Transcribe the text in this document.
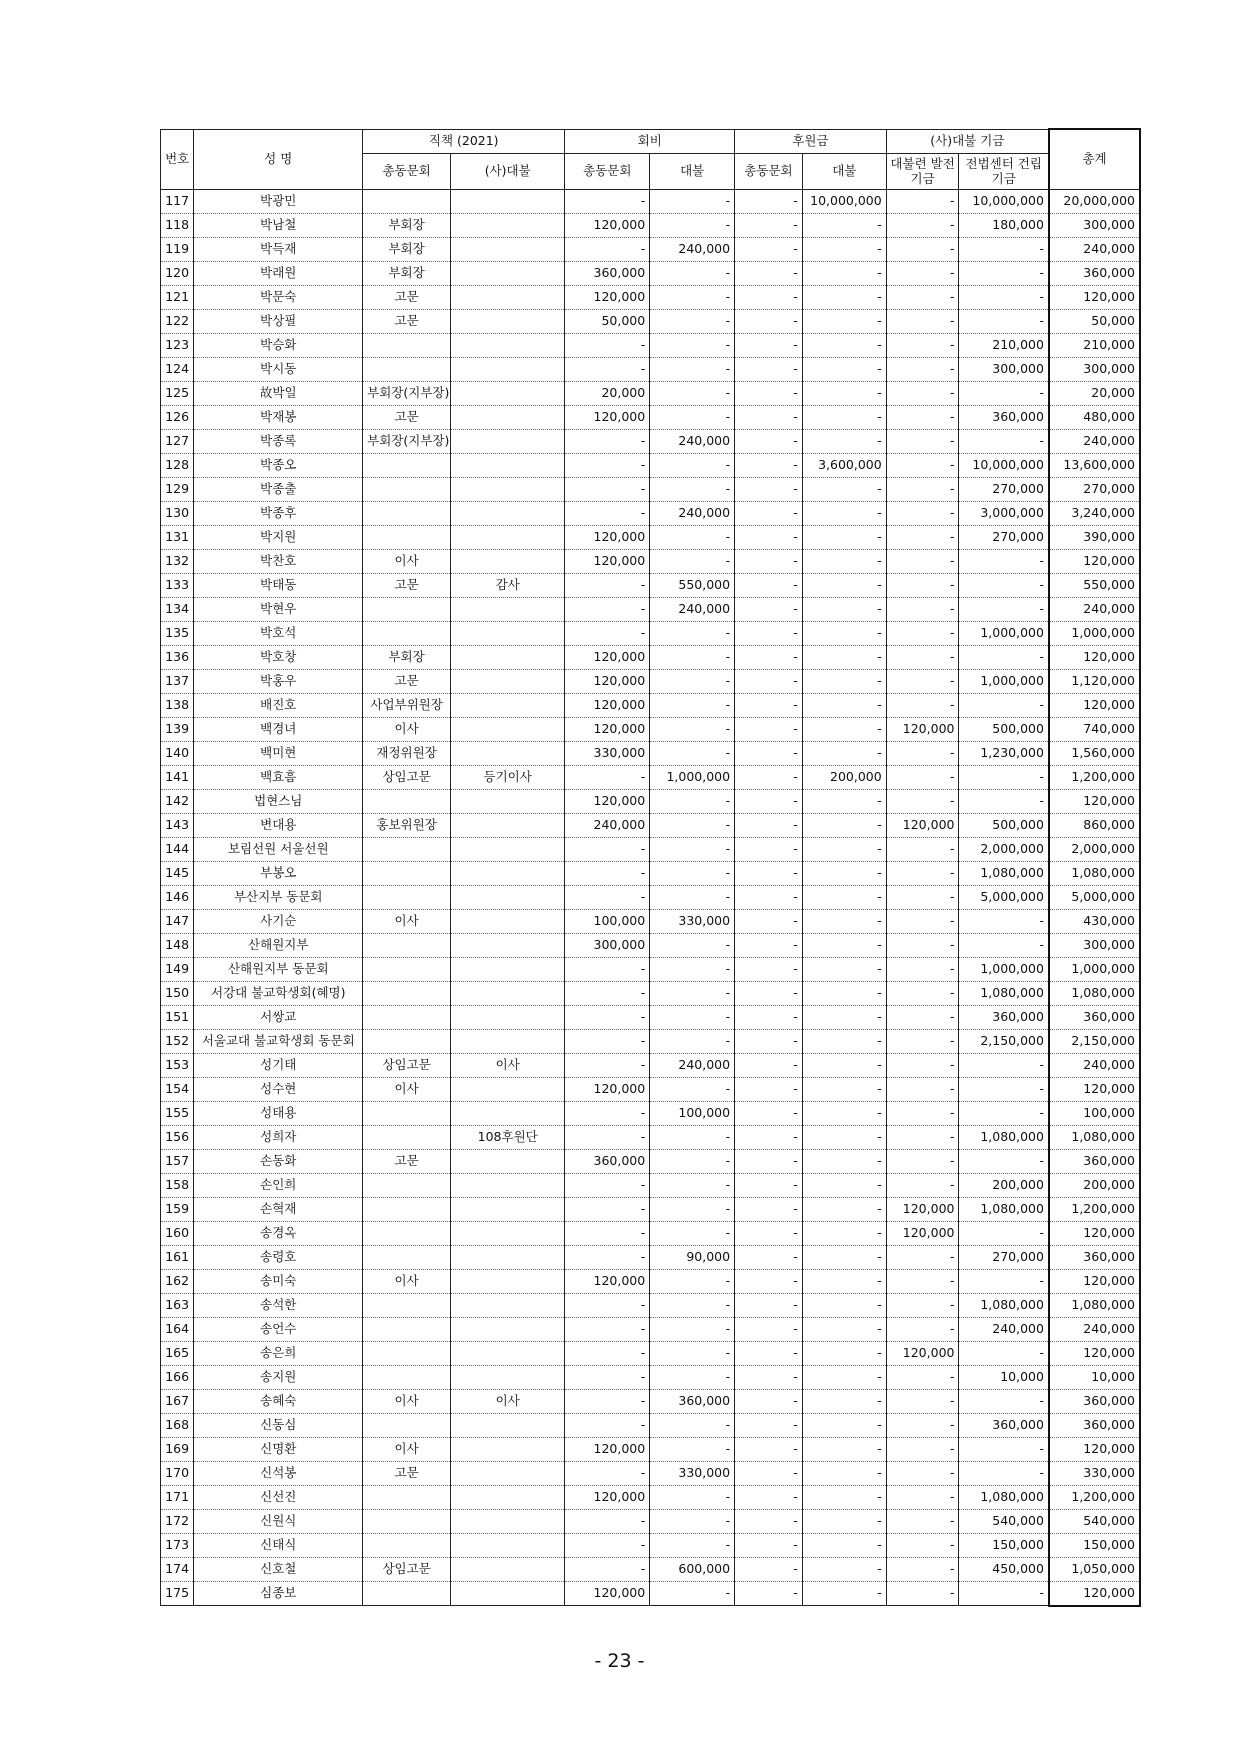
번호	성 명	직책 (2021)		회비		후원금		(사)대불 기금		총계
		총동문회	(사)대불	총동문회	대불	총동문회	대불	대불련 발전기금	전법센터 건립기금	
117	박광민			-	-	-	10,000,000	-	10,000,000	20,000,000
118	박남철	부회장		120,000	-	-	-	-	180,000	300,000
119	박득재	부회장		-	240,000	-	-	-	-	240,000
120	박래원	부회장		360,000	-	-	-	-	-	360,000
121	박문숙	고문		120,000	-	-	-	-	-	120,000
122	박상필	고문		50,000	-	-	-	-	-	50,000
123	박승화			-	-	-	-	-	210,000	210,000
124	박시동			-	-	-	-	-	300,000	300,000
125	故박일	부회장(지부장)		20,000	-	-	-	-	-	20,000
126	박재봉	고문		120,000	-	-	-	-	360,000	480,000
127	박종록	부회장(지부장)		-	240,000	-	-	-	-	240,000
128	박종오			-	-	-	3,600,000	-	10,000,000	13,600,000
129	박종출			-	-	-	-	-	270,000	270,000
130	박종후			-	240,000	-	-	-	3,000,000	3,240,000
131	박지원			120,000	-	-	-	-	270,000	390,000
132	박찬호	이사		120,000	-	-	-	-	-	120,000
133	박태동	고문	감사	-	550,000	-	-	-	-	550,000
134	박현우			-	240,000	-	-	-	-	240,000
135	박호석			-	-	-	-	-	1,000,000	1,000,000
136	박호창	부회장		120,000	-	-	-	-	-	120,000
137	박홍우	고문		120,000	-	-	-	-	1,000,000	1,120,000
138	배진호	사업부위원장		120,000	-	-	-	-	-	120,000
139	백경녀	이사		120,000	-	-	-	120,000	500,000	740,000
140	백미현	재정위원장		330,000	-	-	-	-	1,230,000	1,560,000
141	백효흠	상임고문	등기이사	-	1,000,000	-	200,000	-	-	1,200,000
142	법현스님			120,000	-	-	-	-	-	120,000
143	변대용	홍보위원장		240,000	-	-	-	120,000	500,000	860,000
144	보림선원 서울선원			-	-	-	-	-	2,000,000	2,000,000
145	부봉오			-	-	-	-	-	1,080,000	1,080,000
146	부산지부 동문회			-	-	-	-	-	5,000,000	5,000,000
147	사기순	이사		100,000	330,000	-	-	-	-	430,000
148	산해원지부			300,000	-	-	-	-	-	300,000
149	산해원지부 동문회			-	-	-	-	-	1,000,000	1,000,000
150	서강대 불교학생회(혜명)			-	-	-	-	-	1,080,000	1,080,000
151	서쌍교			-	-	-	-	-	360,000	360,000
152	서울교대 불교학생회 동문회			-	-	-	-	-	2,150,000	2,150,000
153	성기태	상임고문	이사	-	240,000	-	-	-	-	240,000
154	성수현	이사		120,000	-	-	-	-	-	120,000
155	성태용			-	100,000	-	-	-	-	100,000
156	성희자		108후원단	-	-	-	-	-	1,080,000	1,080,000
157	손동화	고문		360,000	-	-	-	-	-	360,000
158	손인희			-	-	-	-	-	200,000	200,000
159	손혁재			-	-	-	-	120,000	1,080,000	1,200,000
160	송경옥			-	-	-	-	120,000	-	120,000
161	송령호			-	90,000	-	-	-	270,000	360,000
162	송미숙	이사		120,000	-	-	-	-	-	120,000
163	송석한			-	-	-	-	-	1,080,000	1,080,000
164	송언수			-	-	-	-	-	240,000	240,000
165	송은희			-	-	-	-	120,000	-	120,000
166	송지원			-	-	-	-	-	10,000	10,000
167	송혜숙	이사	이사	-	360,000	-	-	-	-	360,000
168	신동심			-	-	-	-	-	360,000	360,000
169	신명환	이사		120,000	-	-	-	-	-	120,000
170	신석봉	고문		-	330,000	-	-	-	-	330,000
171	신선진			120,000	-	-	-	-	1,080,000	1,200,000
172	신원식			-	-	-	-	-	540,000	540,000
173	신태식			-	-	-	-	-	150,000	150,000
174	신호철	상임고문		-	600,000	-	-	-	450,000	1,050,000
175	심종보			120,000	-	-	-	-	-	120,000
- 23 -
